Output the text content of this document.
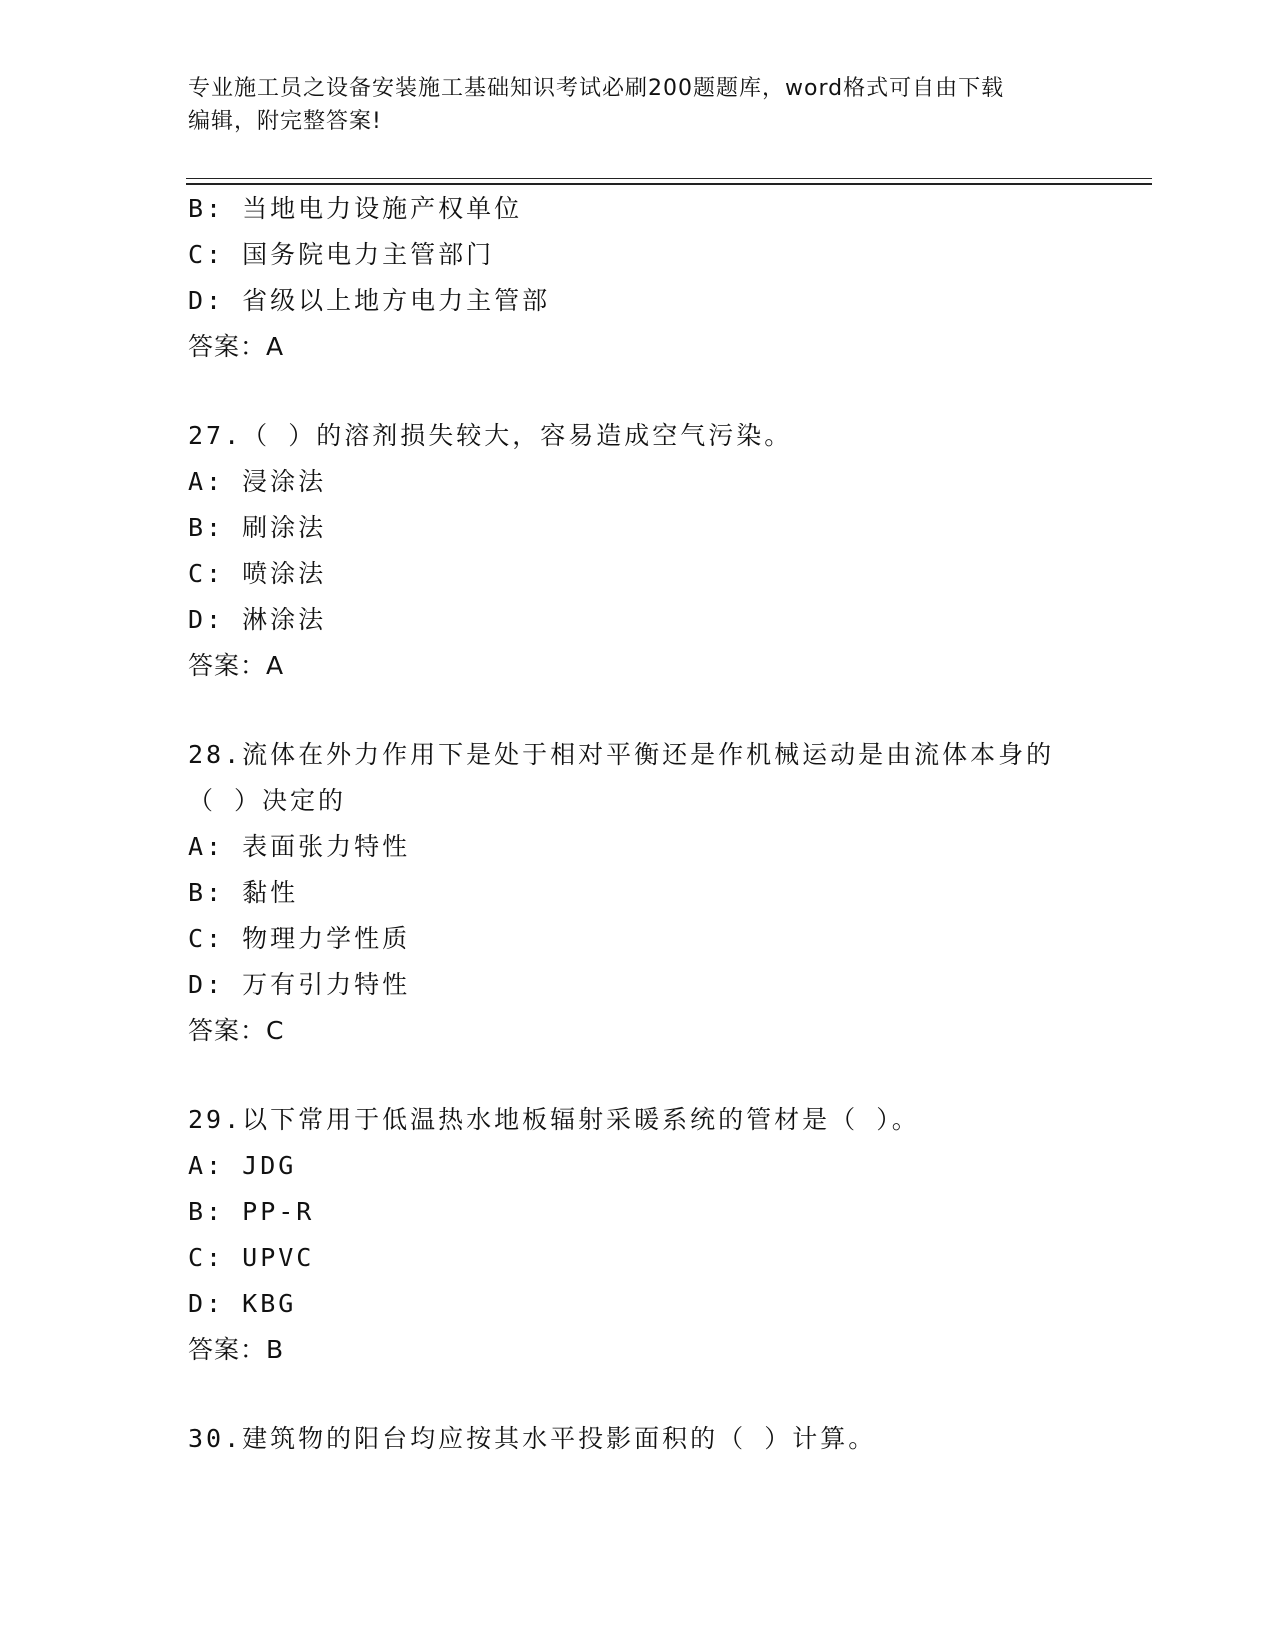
专业施工员之设备安装施工基础知识考试必刷200题题库，word格式可自由下载
编辑，附完整答案!
B: 当地电力设施产权单位
C: 国务院电力主管部门
D: 省级以上地方电力主管部
答案：A
27.（ ）的溶剂损失较大，容易造成空气污染。
A: 浸涂法
B: 刷涂法
C: 喷涂法
D: 淋涂法
答案：A
28.流体在外力作用下是处于相对平衡还是作机械运动是由流体本身的
（ ）决定的
A: 表面张力特性
B: 黏性
C: 物理力学性质
D: 万有引力特性
答案：C
29.以下常用于低温热水地板辐射采暖系统的管材是（ ）。
A: JDG
B: PP-R
C: UPVC
D: KBG
答案：B
30.建筑物的阳台均应按其水平投影面积的（ ）计算。
